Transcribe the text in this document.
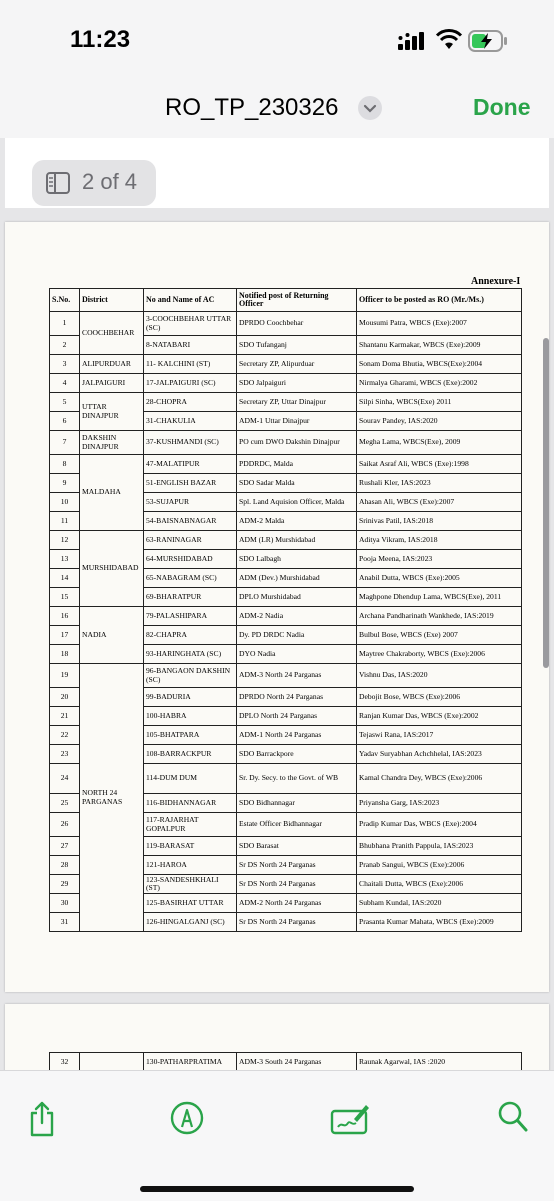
11:23
RO_TP_230326	Done
2 of 4
Annexure-I
S.No.	District	No and Name of AC	Notified post of Returning Officer	Officer to be posted as RO (Mr./Ms.)
1	COOCHBEHAR	3-COOCHBEHAR UTTAR (SC)	DPRDO Coochbehar	Mousumi Patra, WBCS (Exe):2007
2		8-NATABARI	SDO Tufanganj	Shantanu Karmakar, WBCS (Exe):2009
3	ALIPURDUAR	11- KALCHINI (ST)	Secretary ZP, Alipurduar	Sonam Doma Bhutia, WBCS(Exe):2004
4	JALPAIGURI	17-JALPAIGURI (SC)	SDO Jalpaiguri	Nirmalya Gharami, WBCS (Exe):2002
5	UTTAR DINAJPUR	28-CHOPRA	Secretary ZP, Uttar Dinajpur	Silpi Sinha, WBCS(Exe) 2011
6		31-CHAKULIA	ADM-1 Uttar Dinajpur	Sourav Pandey, IAS:2020
7	DAKSHIN DINAJPUR	37-KUSHMANDI (SC)	PO cum DWO Dakshin Dinajpur	Megha Lama, WBCS(Exe), 2009
8	MALDAHA	47-MALATIPUR	PDDRDC, Malda	Saikat Asraf Ali, WBCS (Exe):1998
9		51-ENGLISH BAZAR	SDO Sadar Malda	Rushali Kler, IAS:2023
10		53-SUJAPUR	Spl. Land Aquision Officer, Malda	Ahasan Ali, WBCS (Exe):2007
11		54-BAISNABNAGAR	ADM-2 Malda	Srinivas Patil, IAS:2018
12	MURSHIDABAD	63-RANINAGAR	ADM (LR) Murshidabad	Aditya Vikram, IAS:2018
13		64-MURSHIDABAD	SDO Lalbagh	Pooja Meena, IAS:2023
14		65-NABAGRAM (SC)	ADM (Dev.) Murshidabad	Anabil Dutta, WBCS (Exe):2005
15		69-BHARATPUR	DPLO Murshidabad	Maghpone Dhendup Lama, WBCS(Exe), 2011
16	NADIA	79-PALASHIPARA	ADM-2 Nadia	Archana Pandharinath Wankhede, IAS:2019
17		82-CHAPRA	Dy. PD DRDC Nadia	Bulbul Bose, WBCS (Exe) 2007
18		93-HARINGHATA (SC)	DYO Nadia	Maytree Chakraborty, WBCS (Exe):2006
19	NORTH 24 PARGANAS	96-BANGAON DAKSHIN (SC)	ADM-3 North 24 Parganas	Vishnu Das, IAS:2020
20		99-BADURIA	DPRDO North 24 Parganas	Debojit Bose, WBCS (Exe):2006
21		100-HABRA	DPLO North 24 Parganas	Ranjan Kumar Das, WBCS (Exe):2002
22		105-BHATPARA	ADM-1 North 24 Parganas	Tejaswi Rana, IAS:2017
23		108-BARRACKPUR	SDO Barrackpore	Yadav Suryabhan Achchhelal, IAS:2023
24		114-DUM DUM	Sr. Dy. Secy. to the Govt. of WB	Kamal Chandra Dey, WBCS (Exe):2006
25		116-BIDHANNAGAR	SDO Bidhannagar	Priyansha Garg, IAS:2023
26		117-RAJARHAT GOPALPUR	Estate Officer Bidhannagar	Pradip Kumar Das, WBCS (Exe):2004
27		119-BARASAT	SDO Barasat	Bhubhana Pranith Pappula, IAS:2023
28		121-HAROA	Sr DS North 24 Parganas	Pranab Sangui, WBCS (Exe):2006
29		123-SANDESHKHALI (ST)	Sr DS North 24 Parganas	Chaitali Dutta, WBCS (Exe):2006
30		125-BASIRHAT UTTAR	ADM-2 North 24 Parganas	Subham Kundal, IAS:2020
31		126-HINGALGANJ (SC)	Sr DS North 24 Parganas	Prasanta Kumar Mahata, WBCS (Exe):2009
32		130-PATHARPRATIMA	ADM-3 South 24 Parganas	Raunak Agarwal, IAS :2020
